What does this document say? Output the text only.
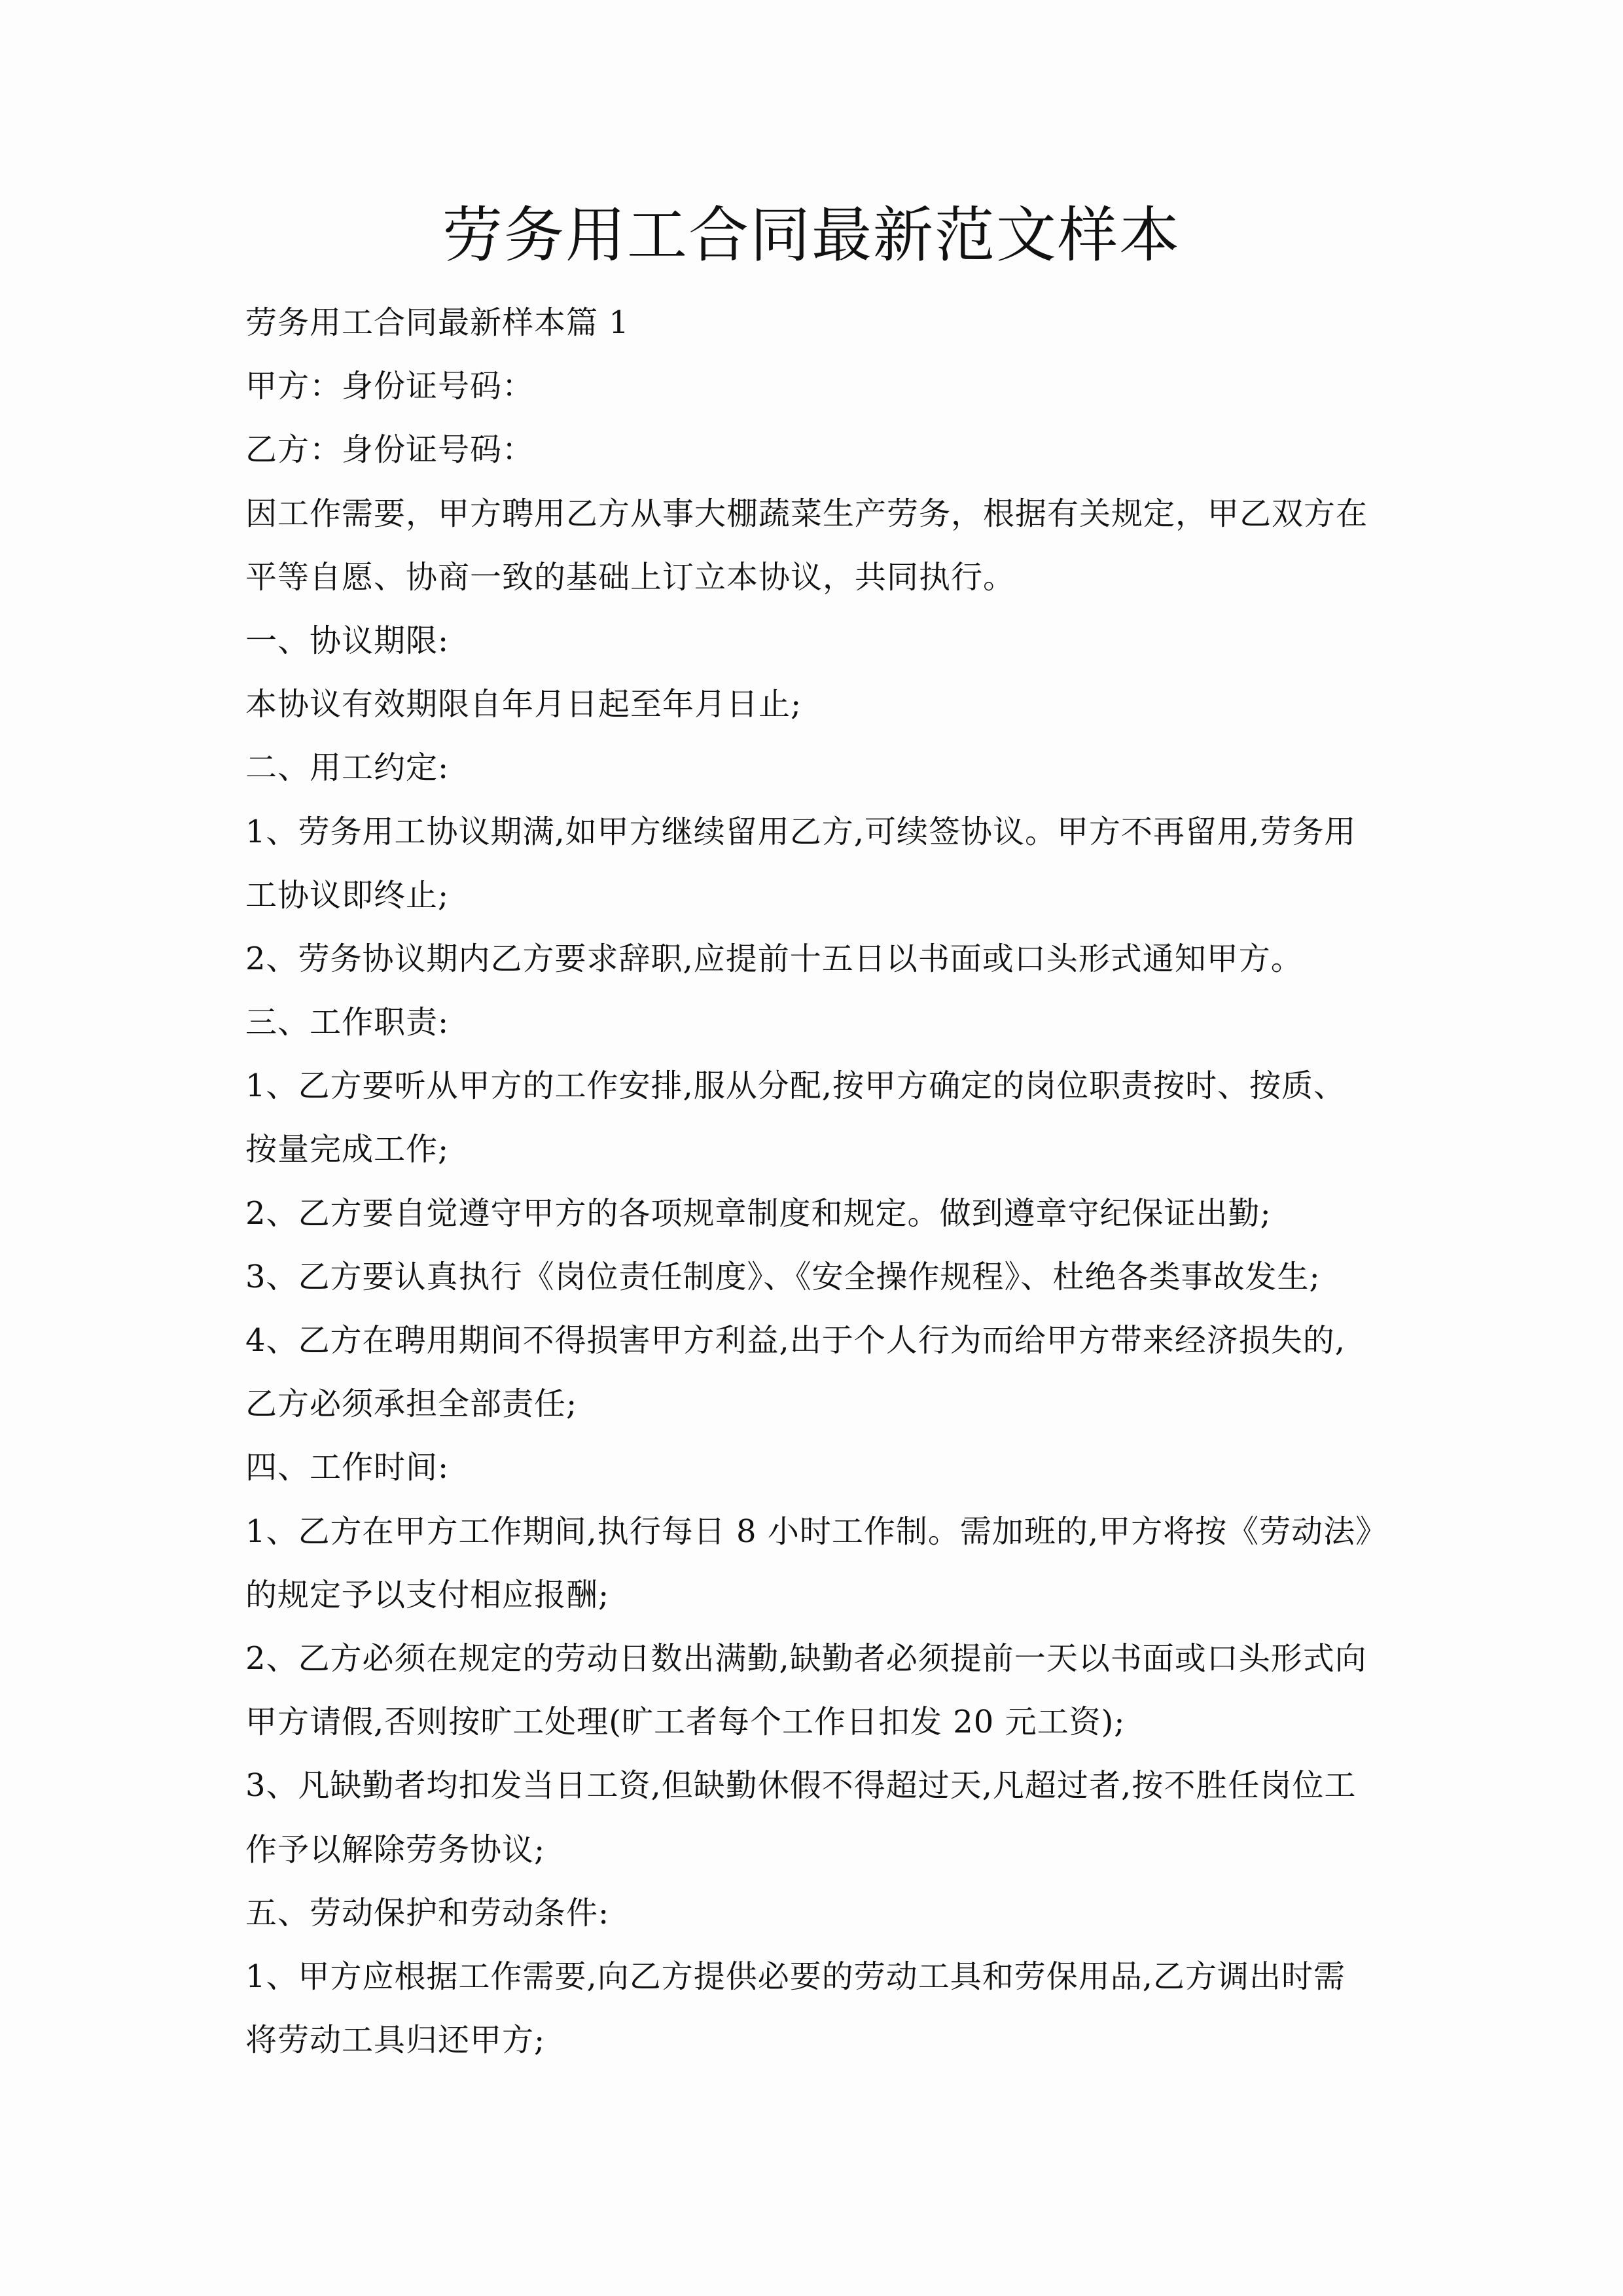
劳务用工合同最新范文样本
劳务用工合同最新样本篇 1
甲方：身份证号码：
乙方：身份证号码：
因工作需要，甲方聘用乙方从事大棚蔬菜生产劳务，根据有关规定，甲乙双方在
平等自愿、协商一致的基础上订立本协议，共同执行。
一、协议期限:
本协议有效期限自年月日起至年月日止;
二、用工约定:
1、劳务用工协议期满,如甲方继续留用乙方,可续签协议。甲方不再留用,劳务用
工协议即终止;
2、劳务协议期内乙方要求辞职,应提前十五日以书面或口头形式通知甲方。
三、工作职责:
1、乙方要听从甲方的工作安排,服从分配,按甲方确定的岗位职责按时、按质、
按量完成工作;
2、乙方要自觉遵守甲方的各项规章制度和规定。做到遵章守纪保证出勤;
3、乙方要认真执行《岗位责任制度》、《安全操作规程》、杜绝各类事故发生;
4、乙方在聘用期间不得损害甲方利益,出于个人行为而给甲方带来经济损失的,
乙方必须承担全部责任;
四、工作时间:
1、乙方在甲方工作期间,执行每日 8 小时工作制。需加班的,甲方将按《劳动法》
的规定予以支付相应报酬;
2、乙方必须在规定的劳动日数出满勤,缺勤者必须提前一天以书面或口头形式向
甲方请假,否则按旷工处理(旷工者每个工作日扣发 20 元工资);
3、凡缺勤者均扣发当日工资,但缺勤休假不得超过天,凡超过者,按不胜任岗位工
作予以解除劳务协议;
五、劳动保护和劳动条件:
1、甲方应根据工作需要,向乙方提供必要的劳动工具和劳保用品,乙方调出时需
将劳动工具归还甲方;
